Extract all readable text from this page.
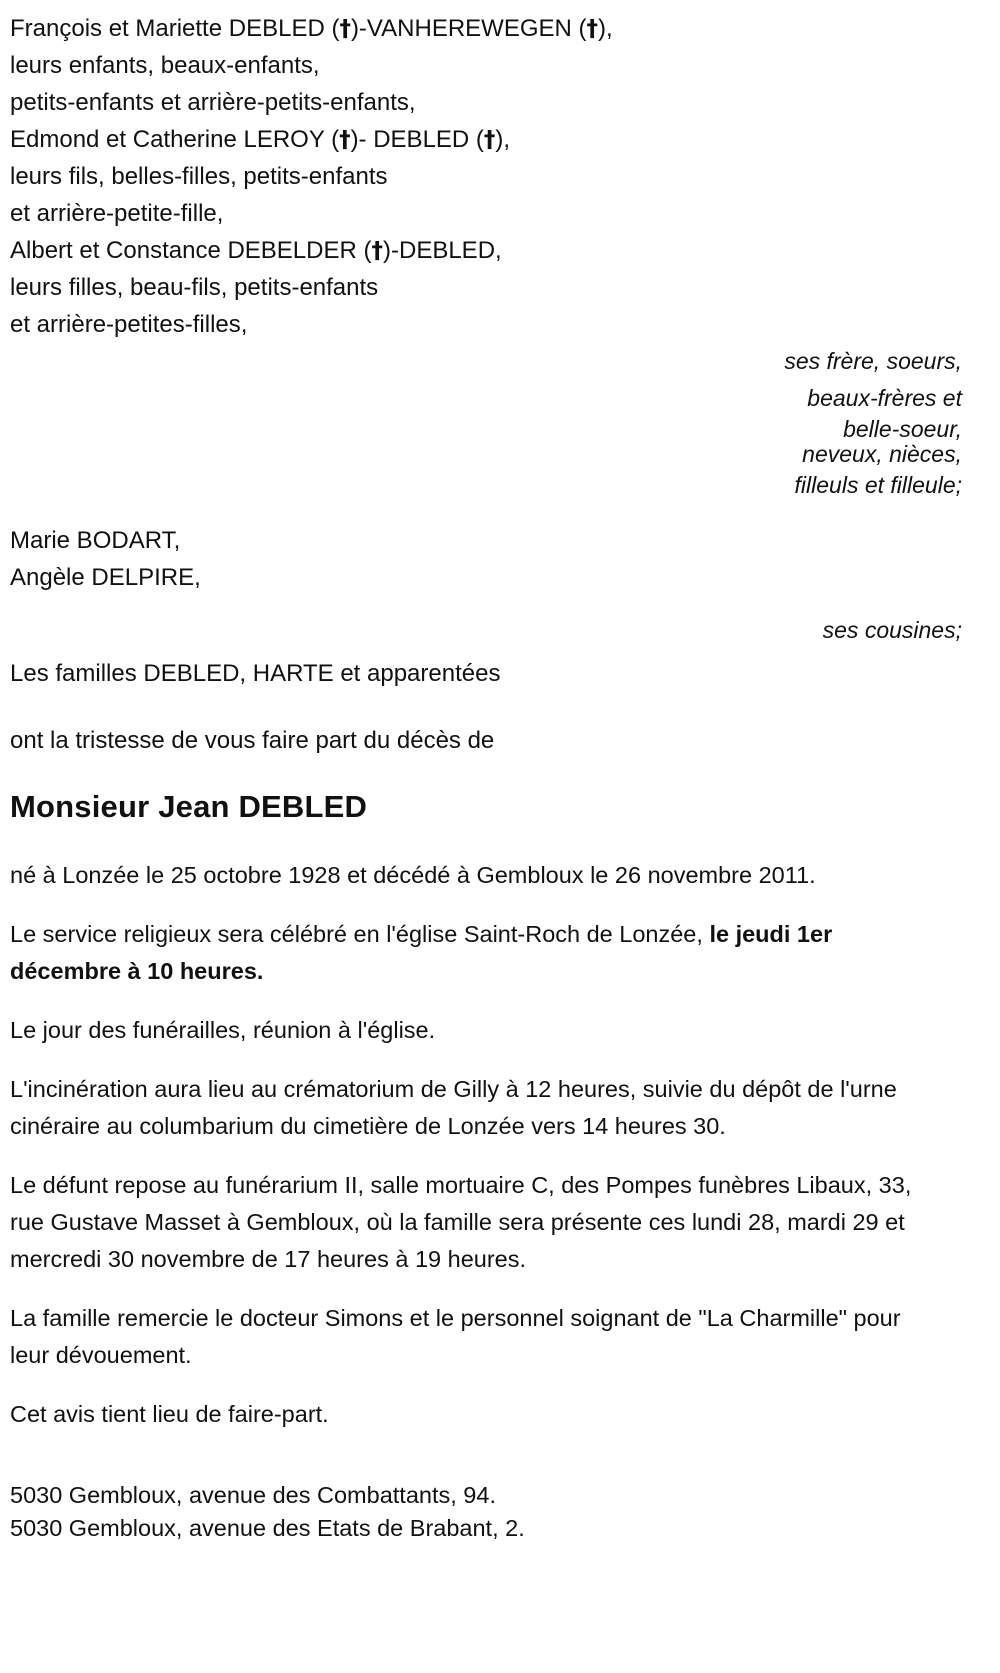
François et Mariette DEBLED (†)-VANHEREWEGEN (†),
leurs enfants, beaux-enfants,
petits-enfants et arrière-petits-enfants,
Edmond et Catherine LEROY (†)- DEBLED (†),
leurs fils, belles-filles, petits-enfants
et arrière-petite-fille,
Albert et Constance DEBELDER (†)-DEBLED,
leurs filles, beau-fils, petits-enfants
et arrière-petites-filles,
ses frère, soeurs,
beaux-frères et
belle-soeur,
neveux, nièces,
filleuls et filleule;
Marie BODART,
Angèle DELPIRE,
ses cousines;
Les familles DEBLED, HARTE et apparentées
ont la tristesse de vous faire part du décès de
Monsieur Jean DEBLED
né à Lonzée le 25 octobre 1928 et décédé à Gembloux le 26 novembre 2011.
Le service religieux sera célébré en l'église Saint-Roch de Lonzée, le jeudi 1er décembre à 10 heures.
Le jour des funérailles, réunion à l'église.
L'incinération aura lieu au crématorium de Gilly à 12 heures, suivie du dépôt de l'urne cinéraire au columbarium du cimetière de Lonzée vers 14 heures 30.
Le défunt repose au funérarium II, salle mortuaire C, des Pompes funèbres Libaux, 33, rue Gustave Masset à Gembloux, où la famille sera présente ces lundi 28, mardi 29 et mercredi 30 novembre de 17 heures à 19 heures.
La famille remercie le docteur Simons et le personnel soignant de "La Charmille" pour leur dévouement.
Cet avis tient lieu de faire-part.
5030 Gembloux, avenue des Combattants, 94.
5030 Gembloux, avenue des Etats de Brabant, 2.
